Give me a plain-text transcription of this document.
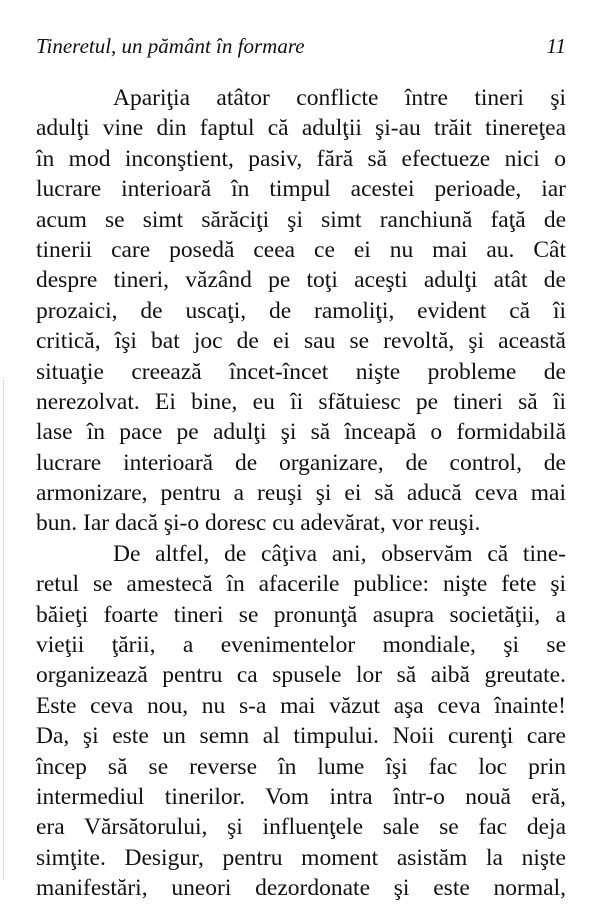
Tineretul, un pământ în formare	11
Apariţia atâtor conflicte între tineri şi
adulţi vine din faptul că adulţii şi-au trăit tinereţea
în mod inconştient, pasiv, fără să efectueze nici o
lucrare interioară în timpul acestei perioade, iar
acum se simt sărăciţi şi simt ranchiună faţă de
tinerii care posedă ceea ce ei nu mai au. Cât
despre tineri, văzând pe toţi aceşti adulţi atât de
prozaici, de uscaţi, de ramoliţi, evident că îi
critică, îşi bat joc de ei sau se revoltă, şi această
situaţie creează încet-încet nişte probleme de
nerezolvat. Ei bine, eu îi sfătuiesc pe tineri să îi
lase în pace pe adulţi şi să înceapă o formidabilă
lucrare interioară de organizare, de control, de
armonizare, pentru a reuşi şi ei să aducă ceva mai
bun. Iar dacă şi-o doresc cu adevărat, vor reuşi.
De altfel, de câţiva ani, observăm că tine-
retul se amestecă în afacerile publice: nişte fete şi
băieţi foarte tineri se pronunţă asupra societăţii, a
vieţii ţării, a evenimentelor mondiale, şi se
organizează pentru ca spusele lor să aibă greutate.
Este ceva nou, nu s-a mai văzut aşa ceva înainte!
Da, şi este un semn al timpului. Noii curenţi care
încep să se reverse în lume îşi fac loc prin
intermediul tinerilor. Vom intra într-o nouă eră,
era Vărsătorului, şi influenţele sale se fac deja
simţite. Desigur, pentru moment asistăm la nişte
manifestări, uneori dezordonate şi este normal,
